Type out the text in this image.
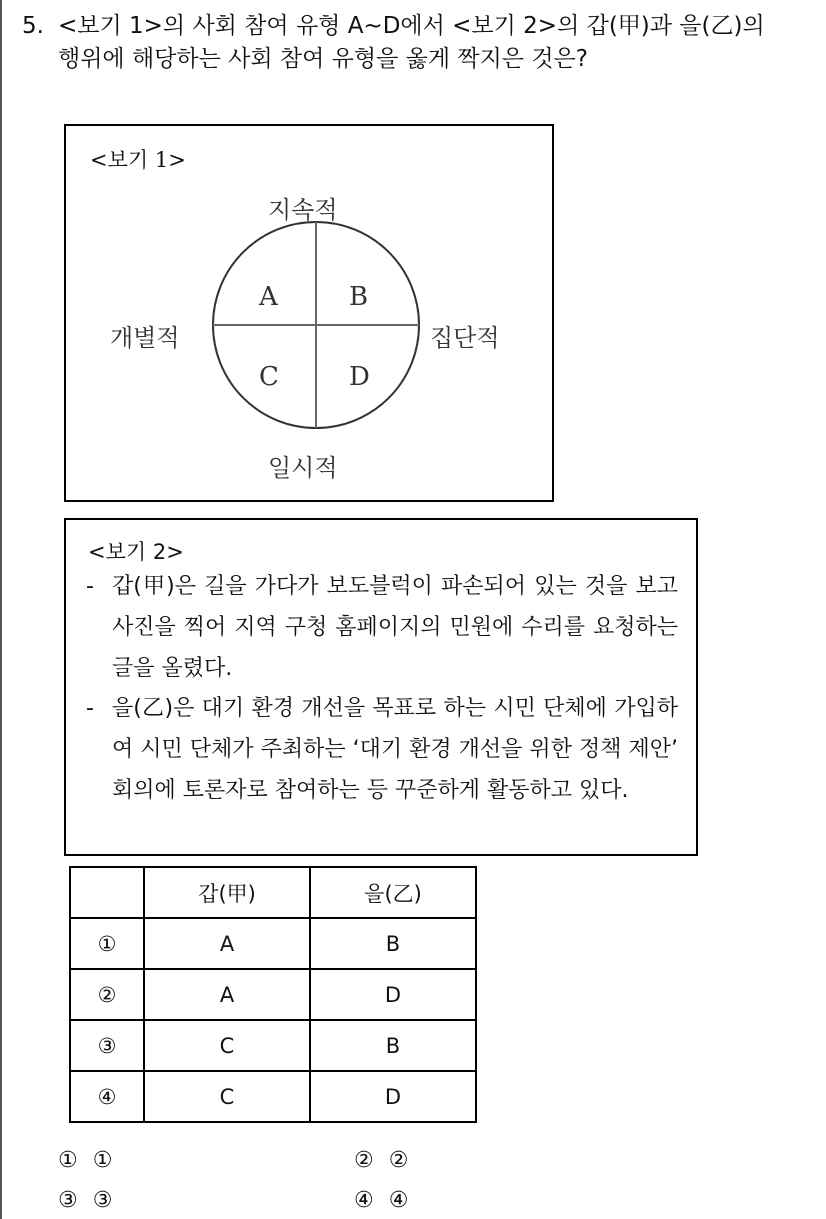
5. <보기 1>의 사회 참여 유형 A~D에서 <보기 2>의 갑(甲)과 을(乙)의 행위에 해당하는 사회 참여 유형을 옳게 짝지은 것은?
<보기 1>
지속적
일시적
개별적	집단적
A	B
C	D
<보기 2>
- 갑(甲)은 길을 가다가 보도블럭이 파손되어 있는 것을 보고 사진을 찍어 지역 구청 홈페이지의 민원에 수리를 요청하는 글을 올렸다.
- 을(乙)은 대기 환경 개선을 목표로 하는 시민 단체에 가입하여 시민 단체가 주최하는 ‘대기 환경 개선을 위한 정책 제안’ 회의에 토론자로 참여하는 등 꾸준하게 활동하고 있다.
	갑(甲)	을(乙)
①	A	B
②	A	D
③	C	B
④	C	D
① ①	② ②
③ ③	④ ④
